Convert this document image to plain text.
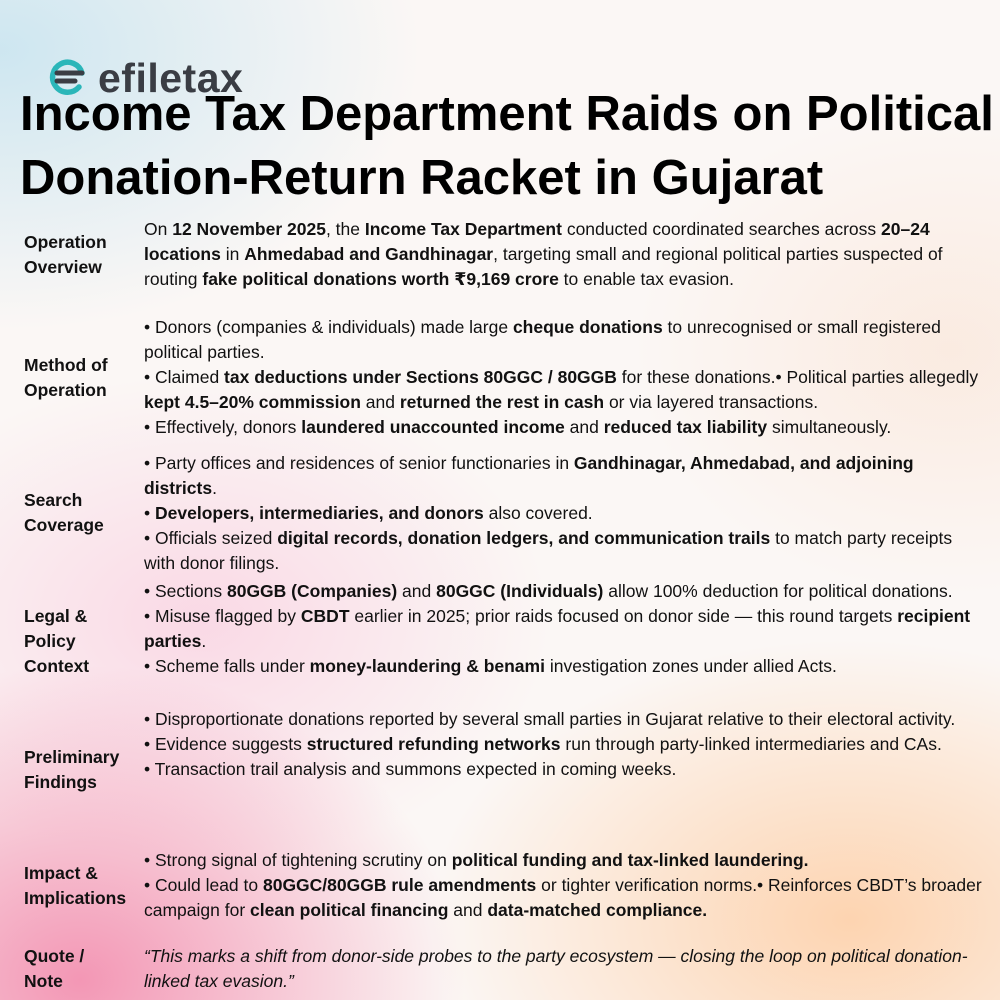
efiletax
Income Tax Department Raids on Political
Donation-Return Racket in Gujarat
Operation
Overview

On 12 November 2025, the Income Tax Department conducted coordinated searches across 20–24 locations in Ahmedabad and Gandhinagar, targeting small and regional political parties suspected of routing fake political donations worth ₹9,169 crore to enable tax evasion.

Method of
Operation

• Donors (companies & individuals) made large cheque donations to unrecognised or small registered political parties.

• Claimed tax deductions under Sections 80GGC / 80GGB for these donations.• Political parties allegedly kept 4.5–20% commission and returned the rest in cash or via layered transactions.

• Effectively, donors laundered unaccounted income and reduced tax liability simultaneously.

Search
Coverage

• Party offices and residences of senior functionaries in Gandhinagar, Ahmedabad, and adjoining districts.

• Developers, intermediaries, and donors also covered.

• Officials seized digital records, donation ledgers, and communication trails to match party receipts with donor filings.

Legal &
Policy
Context

• Sections 80GGB (Companies) and 80GGC (Individuals) allow 100% deduction for political donations.

• Misuse flagged by CBDT earlier in 2025; prior raids focused on donor side — this round targets recipient parties.

• Scheme falls under money-laundering & benami investigation zones under allied Acts.

Preliminary
Findings

• Disproportionate donations reported by several small parties in Gujarat relative to their electoral activity.

• Evidence suggests structured refunding networks run through party-linked intermediaries and CAs.

• Transaction trail analysis and summons expected in coming weeks.

Impact &
Implications

• Strong signal of tightening scrutiny on political funding and tax-linked laundering.

• Could lead to 80GGC/80GGB rule amendments or tighter verification norms.• Reinforces CBDT’s broader campaign for clean political financing and data-matched compliance.

Quote /
Note

“This marks a shift from donor-side probes to the party ecosystem — closing the loop on political donation-linked tax evasion.”
